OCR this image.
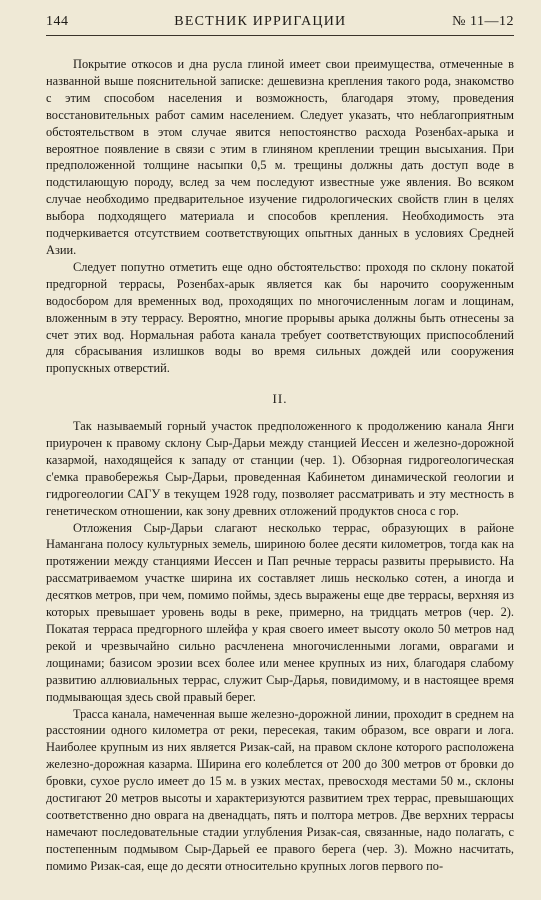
144	ВЕСТНИК ИРРИГАЦИИ	№ 11—12

Покрытие откосов и дна русла глиной имеет свои преимущества, отмеченные в названной выше пояснительной записке: дешевизна крепления такого рода, знакомство с этим способом населения и возможность, благодаря этому, проведения восстановительных работ самим населением. Следует указать, что неблагоприятным обстоятельством в этом случае явится непостоянство расхода Розенбах-арыка и вероятное появление в связи с этим в глиняном креплении трещин высыхания. При предположенной толщине насыпки 0,5 м. трещины должны дать доступ воде в подстилающую породу, вслед за чем последуют известные уже явления. Во всяком случае необходимо предварительное изучение гидрологических свойств глин в целях выбора подходящего материала и способов крепления. Необходимость эта подчеркивается отсутствием соответствующих опытных данных в условиях Средней Азии.

Следует попутно отметить еще одно обстоятельство: проходя по склону покатой предгорной террасы, Розенбах-арык является как бы нарочито сооруженным водосбором для временных вод, проходящих по многочисленным логам и лощинам, вложенным в эту террасу. Вероятно, многие прорывы арыка должны быть отнесены за счет этих вод. Нормальная работа канала требует соответствующих приспособлений для сбрасывания излишков воды во время сильных дождей или сооружения пропускных отверстий.

II.

Так называемый горный участок предположенного к продолжению канала Янги приурочен к правому склону Сыр-Дарьи между станцией Иессен и железно-дорожной казармой, находящейся к западу от станции (чер. 1). Обзорная гидрогеологическая с'емка правобережья Сыр-Дарьи, проведенная Кабинетом динамической геологии и гидрогеологии САГУ в текущем 1928 году, позволяет рассматривать и эту местность в генетическом отношении, как зону древних отложений продуктов сноса с гор.

Отложения Сыр-Дарьи слагают несколько террас, образующих в районе Намангана полосу культурных земель, шириною более десяти километров, тогда как на протяжении между станциями Иессен и Пап речные террасы развиты прерывисто. На рассматриваемом участке ширина их составляет лишь несколько сотен, а иногда и десятков метров, при чем, помимо поймы, здесь выражены еще две террасы, верхняя из которых превышает уровень воды в реке, примерно, на тридцать метров (чер. 2). Покатая терраса предгорного шлейфа у края своего имеет высоту около 50 метров над рекой и чрезвычайно сильно расчленена многочисленными логами, оврагами и лощинами; базисом эрозии всех более или менее крупных из них, благодаря слабому развитию аллювиальных террас, служит Сыр-Дарья, повидимому, и в настоящее время подмывающая здесь свой правый берег.

Трасса канала, намеченная выше железно-дорожной линии, проходит в среднем на расстоянии одного километра от реки, пересекая, таким образом, все овраги и лога. Наиболее крупным из них является Ризак-сай, на правом склоне которого расположена железно-дорожная казарма. Ширина его колеблется от 200 до 300 метров от бровки до бровки, сухое русло имеет до 15 м. в узких местах, превосходя местами 50 м., склоны достигают 20 метров высоты и характеризуются развитием трех террас, превышающих соответственно дно оврага на двенадцать, пять и полтора метров. Две верхних террасы намечают последовательные стадии углубления Ризак-сая, связанные, надо полагать, с постепенным подмывом Сыр-Дарьей ее правого берега (чер. 3). Можно насчитать, помимо Ризак-сая, еще до десяти относительно крупных логов первого по-
